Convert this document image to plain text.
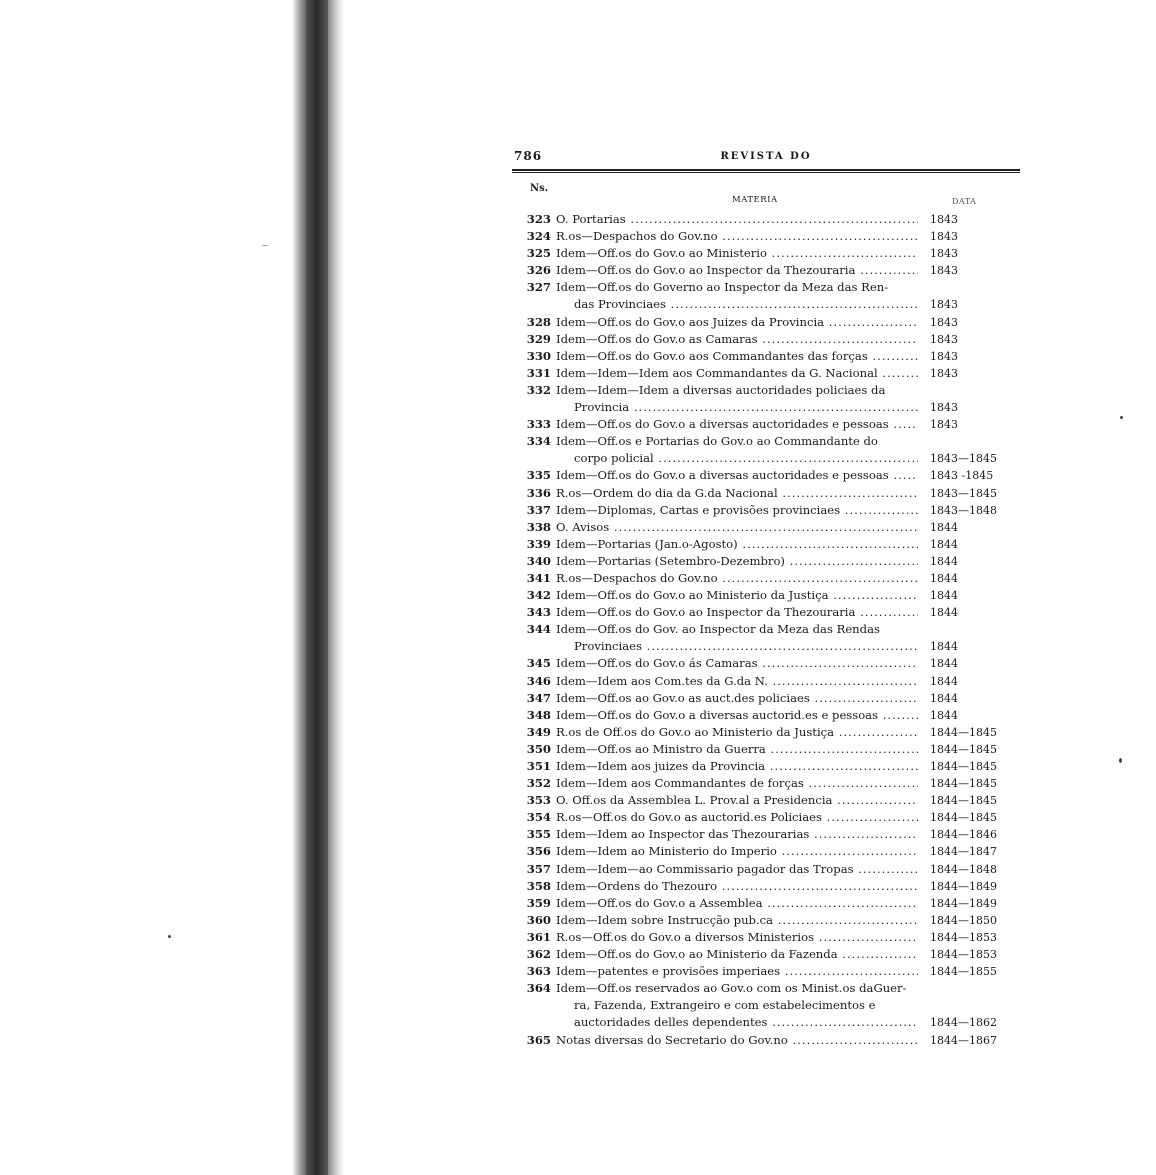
786	REVISTA DO
Ns.
MATERIA	DATA
323 O. Portarias .....	1843
324 R.os—Despachos do Gov.no .....	1843
325 Idem—Off.os do Gov.o ao Ministerio .....	1843
326 Idem—Off.os do Gov.o ao Inspector da Thezouraria .....	1843
327 Idem—Off.os do Governo ao Inspector da Meza das Ren-
das Provinciaes .....	1843
328 Idem—Off.os do Gov.o aos Juizes da Provincia .....	1843
329 Idem—Off.os do Gov.o as Camaras .....	1843
330 Idem—Off.os do Gov.o aos Commandantes das forças .....	1843
331 Idem—Idem—Idem aos Commandantes da G. Nacional .....	1843
332 Idem—Idem—Idem a diversas auctoridades policiaes da
Provincia .....	1843
333 Idem—Off.os do Gov.o a diversas auctoridades e pessoas .....	1843
334 Idem—Off.os e Portarias do Gov.o ao Commandante do
corpo policial .....	1843—1845
335 Idem—Off.os do Gov.o a diversas auctoridades e pessoas .....	1843 -1845
336 R.os—Ordem do dia da G.da Nacional .....	1843—1845
337 Idem—Diplomas, Cartas e provisões provinciaes .....	1843—1848
338 O. Avisos .....	1844
339 Idem—Portarias (Jan.o-Agosto) .....	1844
340 Idem—Portarias (Setembro-Dezembro) .....	1844
341 R.os—Despachos do Gov.no .....	1844
342 Idem—Off.os do Gov.o ao Ministerio da Justiça .....	1844
343 Idem—Off.os do Gov.o ao Inspector da Thezouraria .....	1844
344 Idem—Off.os do Gov. ao Inspector da Meza das Rendas
Provinciaes .....	1844
345 Idem—Off.os do Gov.o ás Camaras .....	1844
346 Idem—Idem aos Com.tes da G.da N. .....	1844
347 Idem—Off.os ao Gov.o as auct.des policiaes .....	1844
348 Idem—Off.os do Gov.o a diversas auctorid.es e pessoas .....	1844
349 R.os de Off.os do Gov.o ao Ministerio da Justiça .....	1844—1845
350 Idem—Off.os ao Ministro da Guerra .....	1844—1845
351 Idem—Idem aos juizes da Provincia .....	1844—1845
352 Idem—Idem aos Commandantes de forças .....	1844—1845
353 O. Off.os da Assemblea L. Prov.al a Presidencia .....	1844—1845
354 R.os—Off.os do Gov.o as auctorid.es Policiaes .....	1844—1845
355 Idem—Idem ao Inspector das Thezourarias .....	1844—1846
356 Idem—Idem ao Ministerio do Imperio .....	1844—1847
357 Idem—Idem—ao Commissario pagador das Tropas .....	1844—1848
358 Idem—Ordens do Thezouro .....	1844—1849
359 Idem—Off.os do Gov.o a Assemblea .....	1844—1849
360 Idem—Idem sobre Instrucção pub.ca .....	1844—1850
361 R.os—Off.os do Gov.o a diversos Ministerios .....	1844—1853
362 Idem—Off.os do Gov.o ao Ministerio da Fazenda .....	1844—1853
363 Idem—patentes e provisões imperiaes .....	1844—1855
364 Idem—Off.os reservados ao Gov.o com os Minist.os daGuer-
ra, Fazenda, Extrangeiro e com estabelecimentos e
auctoridades delles dependentes .....	1844—1862
365 Notas diversas do Secretario do Gov.no .....	1844—1867
